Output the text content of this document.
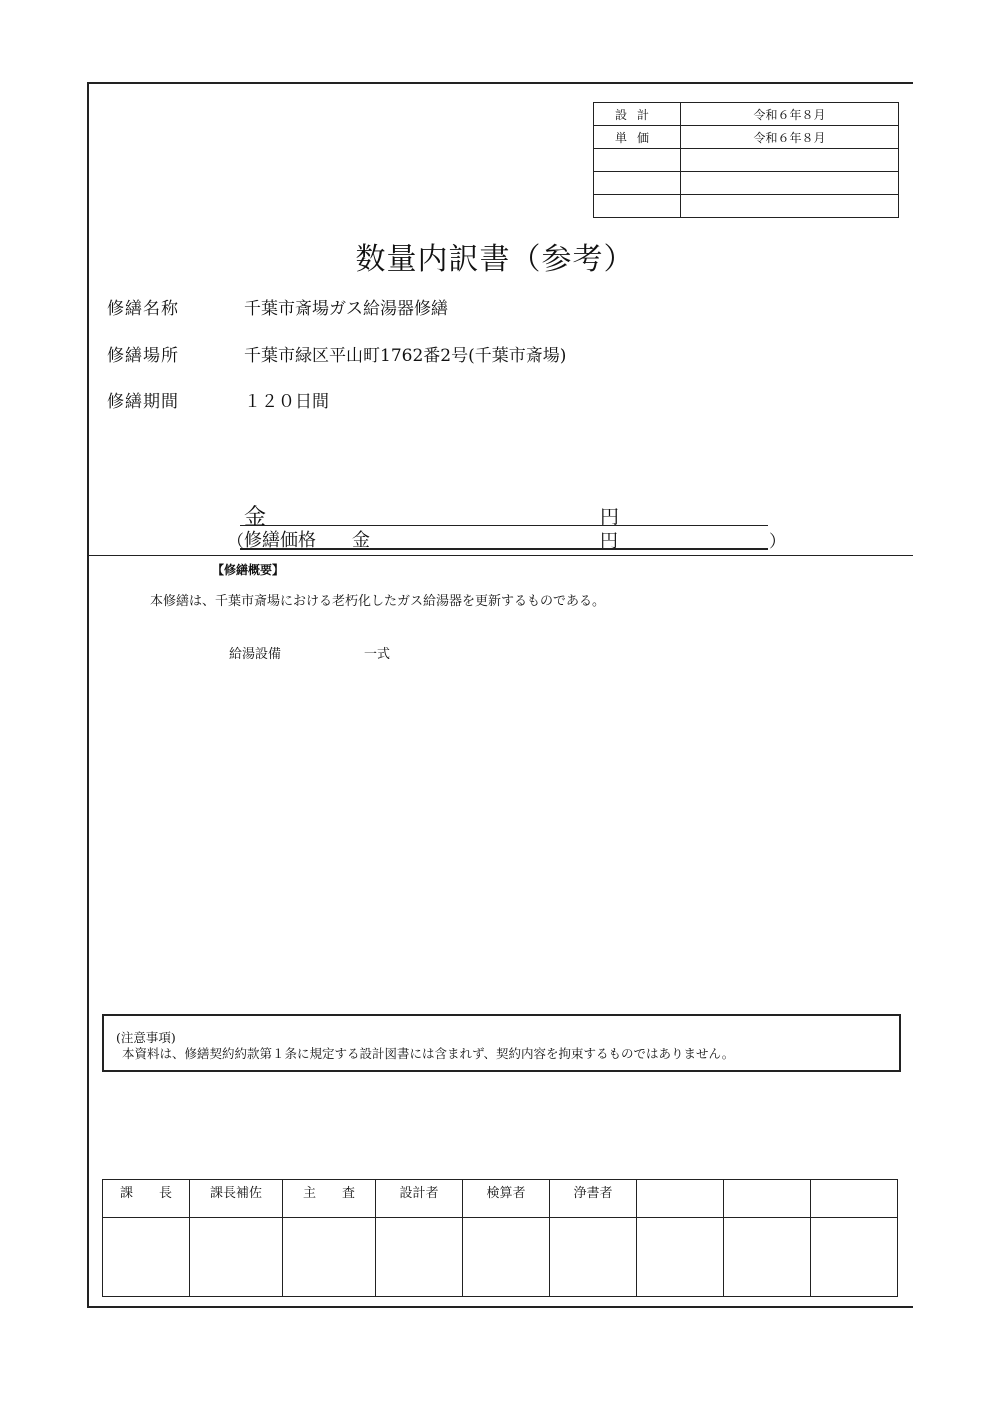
設計	令和６年８月
単価	令和６年８月

数量内訳書（参考）
修繕名称	千葉市斎場ガス給湯器修繕
修繕場所	千葉市緑区平山町1762番2号(千葉市斎場)
修繕期間	１２０日間
金	円
（ 修繕価格 金	円	）
【修繕概要】
本修繕は、千葉市斎場における老朽化したガス給湯器を更新するものである。
給湯設備	一式
(注意事項)
本資料は、修繕契約約款第１条に規定する設計図書には含まれず、契約内容を拘束するものではありません。
課　　長	課長補佐	主　　査	設計者	検算者	浄書者			
